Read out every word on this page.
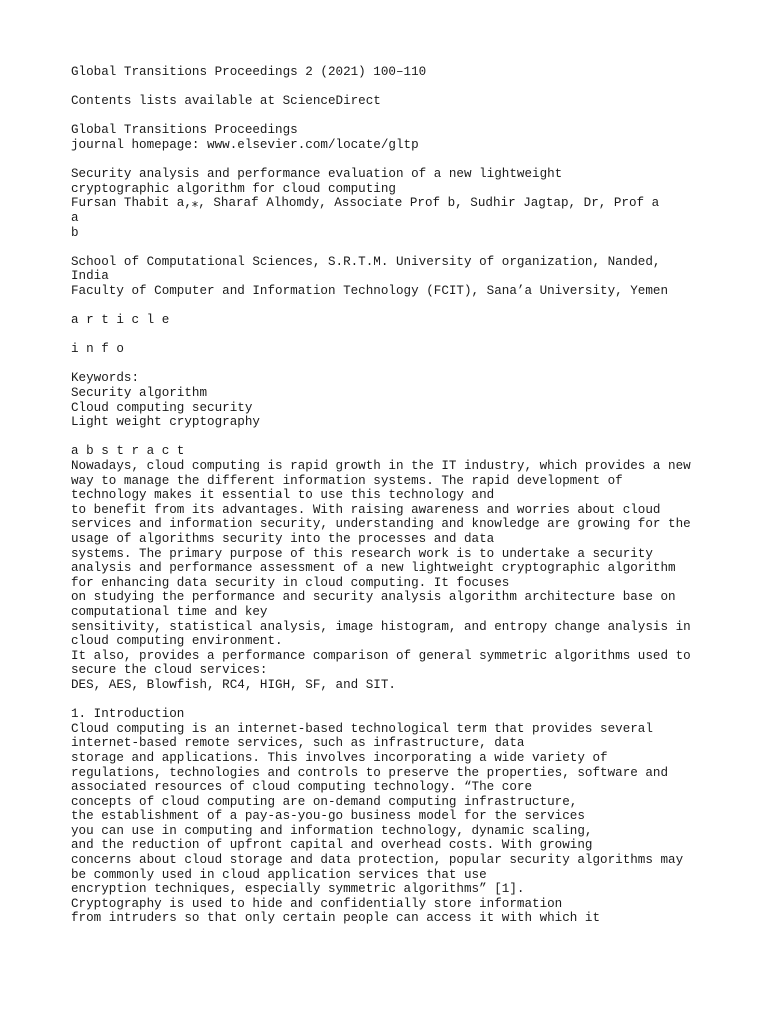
Global Transitions Proceedings 2 (2021) 100–110
Contents lists available at ScienceDirect
Global Transitions Proceedings
journal homepage: www.elsevier.com/locate/gltp
Security analysis and performance evaluation of a new lightweight
cryptographic algorithm for cloud computing
Fursan Thabit a,⁎, Sharaf Alhomdy, Associate Prof b, Sudhir Jagtap, Dr, Prof a
a
b
School of Computational Sciences, S.R.T.M. University of organization, Nanded,
India
Faculty of Computer and Information Technology (FCIT), Sana’a University, Yemen
a r t i c l e
i n f o
Keywords:
Security algorithm
Cloud computing security
Light weight cryptography
a b s t r a c t
Nowadays, cloud computing is rapid growth in the IT industry, which provides a new
way to manage the different information systems. The rapid development of
technology makes it essential to use this technology and
to benefit from its advantages. With raising awareness and worries about cloud
services and information security, understanding and knowledge are growing for the
usage of algorithms security into the processes and data
systems. The primary purpose of this research work is to undertake a security
analysis and performance assessment of a new lightweight cryptographic algorithm
for enhancing data security in cloud computing. It focuses
on studying the performance and security analysis algorithm architecture base on
computational time and key
sensitivity, statistical analysis, image histogram, and entropy change analysis in
cloud computing environment.
It also, provides a performance comparison of general symmetric algorithms used to
secure the cloud services:
DES, AES, Blowfish, RC4, HIGH, SF, and SIT.
1. Introduction
Cloud computing is an internet-based technological term that provides several
internet-based remote services, such as infrastructure, data
storage and applications. This involves incorporating a wide variety of
regulations, technologies and controls to preserve the properties, software and
associated resources of cloud computing technology. “The core
concepts of cloud computing are on-demand computing infrastructure,
the establishment of a pay-as-you-go business model for the services
you can use in computing and information technology, dynamic scaling,
and the reduction of upfront capital and overhead costs. With growing
concerns about cloud storage and data protection, popular security algorithms may
be commonly used in cloud application services that use
encryption techniques, especially symmetric algorithms” [1].
Cryptography is used to hide and confidentially store information
from intruders so that only certain people can access it with which it
